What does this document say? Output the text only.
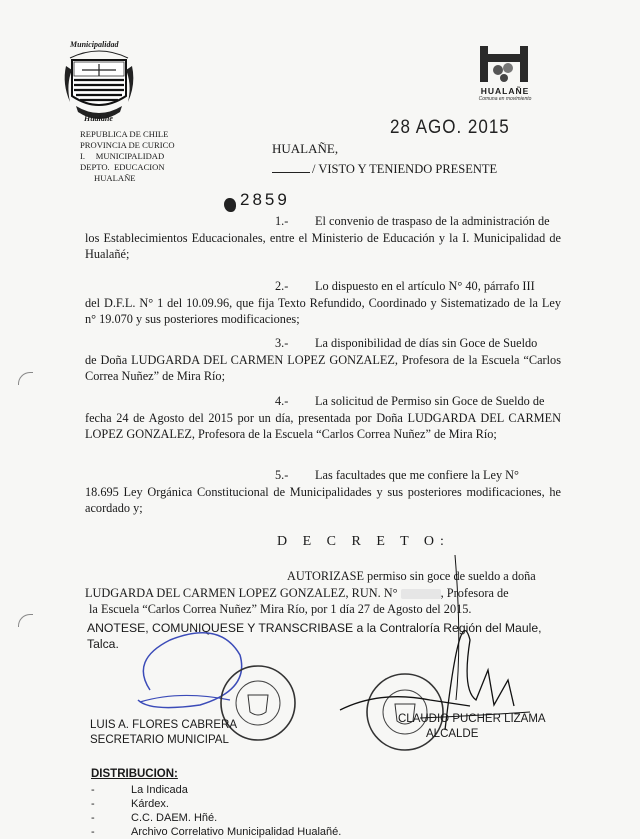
Municipalidad
Hualañé
REPUBLICA DE CHILE
PROVINCIA DE CURICO
I.     MUNICIPALIDAD
DEPTO.  EDUCACION
HUALAÑE
HUALAÑE
Comuna en movimiento
28 AGO. 2015
HUALAÑE,
/ VISTO Y TENIENDO PRESENTE
2859
1.- El convenio de traspaso de la administración de
los Establecimientos Educacionales, entre el Ministerio de Educación y la I. Municipalidad de Hualañé;
2.- Lo dispuesto en el artículo N° 40, párrafo III
del D.F.L. N° 1 del 10.09.96, que fija Texto Refundido, Coordinado y Sistematizado de la Ley n° 19.070 y sus posteriores modificaciones;
3.- La disponibilidad de días sin Goce de Sueldo
de Doña LUDGARDA DEL CARMEN LOPEZ GONZALEZ, Profesora de la Escuela “Carlos Correa Nuñez” de Mira Río;
4.- La solicitud de Permiso sin Goce de Sueldo de
fecha 24 de Agosto del 2015 por un día, presentada por Doña LUDGARDA DEL CARMEN LOPEZ GONZALEZ, Profesora de la Escuela “Carlos Correa Nuñez” de Mira Río;
5.- Las facultades que me confiere la Ley N°
18.695 Ley Orgánica Constitucional de Municipalidades y sus posteriores modificaciones, he acordado y;
D E C R E T O:
AUTORIZASE permiso sin goce de sueldo a doña
LUDGARDA DEL CARMEN LOPEZ GONZALEZ, RUN. N°	, Profesora de
la Escuela “Carlos Correa Nuñez” Mira Río, por 1 día 27 de Agosto del 2015.
ANOTESE, COMUNIQUESE Y TRANSCRIBASE a la Contraloría Región del Maule, Talca.
LUIS A. FLORES CABRERA
SECRETARIO MUNICIPAL
CLAUDIO PUCHER LIZAMA
ALCALDE
DISTRIBUCION:
-	La Indicada
-	Kárdex.
-	C.C. DAEM. Hñé.
-	Archivo Correlativo Municipalidad Hualañé.
